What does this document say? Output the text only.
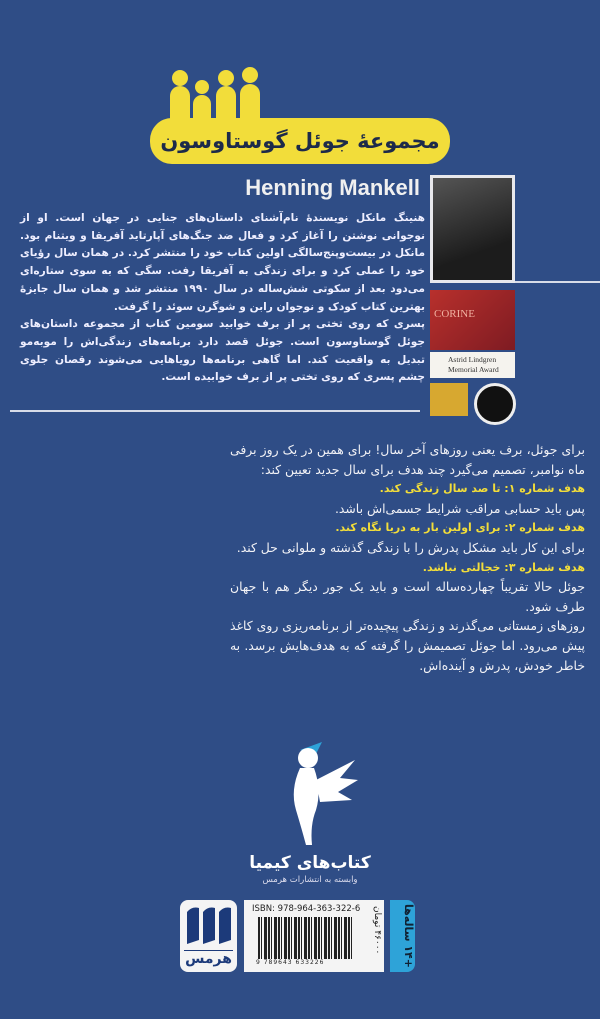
مجموعهٔ جوئل گوستاوسون
Henning Mankell

هنینگ مانکل نویسندهٔ نام‌آشنای داستان‌های جنایی در جهان است. او از نوجوانی نوشتن را آغاز کرد و فعال ضد جنگ‌های آپارتاید آفریقا و ویتنام بود. مانکل در بیست‌وپنج‌سالگی اولین کتاب خود را منتشر کرد. در همان سال رؤیای خود را عملی کرد و برای زندگی به آفریقا رفت. سگی که به سوی ستاره‌ای می‌دود بعد از سکوتی شش‌ساله در سال ۱۹۹۰ منتشر شد و همان سال جایزهٔ بهترین کتاب کودک و نوجوان رابن و شوگرن سوئد را گرفت.

پسری که روی تختی پر از برف خوابید سومین کتاب از مجموعه داستان‌های جوئل گوستاوسون است. جوئل قصد دارد برنامه‌های زندگی‌اش را موبه‌مو تبدیل به واقعیت کند. اما گاهی برنامه‌ها رویاهایی می‌شوند رقصان جلوی چشم پسری که روی تختی پر از برف خوابیده است.

CORINE
Astrid Lindgren Memorial Award

برای جوئل، برف یعنی روزهای آخر سال! برای همین در یک روز برفی ماه نوامبر، تصمیم می‌گیرد چند هدف برای سال جدید تعیین کند:

هدف شماره ۱: تا صد سال زندگی کند.

پس باید حسابی مراقب شرایط جسمی‌اش باشد.

هدف شماره ۲: برای اولین بار به دریا نگاه کند.

برای این کار باید مشکل پدرش را با زندگی گذشته و ملوانی حل کند.

هدف شماره ۳: خجالتی نباشد.

جوئل حالا تقریباً چهارده‌ساله است و باید یک جور دیگر هم با جهان طرف شود.

روزهای زمستانی می‌گذرند و زندگی پیچیده‌تر از برنامه‌ریزی روی کاغذ پیش می‌رود. اما جوئل تصمیمش را گرفته که به هدف‌هایش برسد. به خاطر خودش، پدرش و آینده‌اش.

کتاب‌های کیمیا
وابسته به انتشارات هرمس
هرمس
ISBN: 978-964-363-322-6
9 789643 633226
۴۶۰۰۰ تومان	+۱۴ ساله‌ها
